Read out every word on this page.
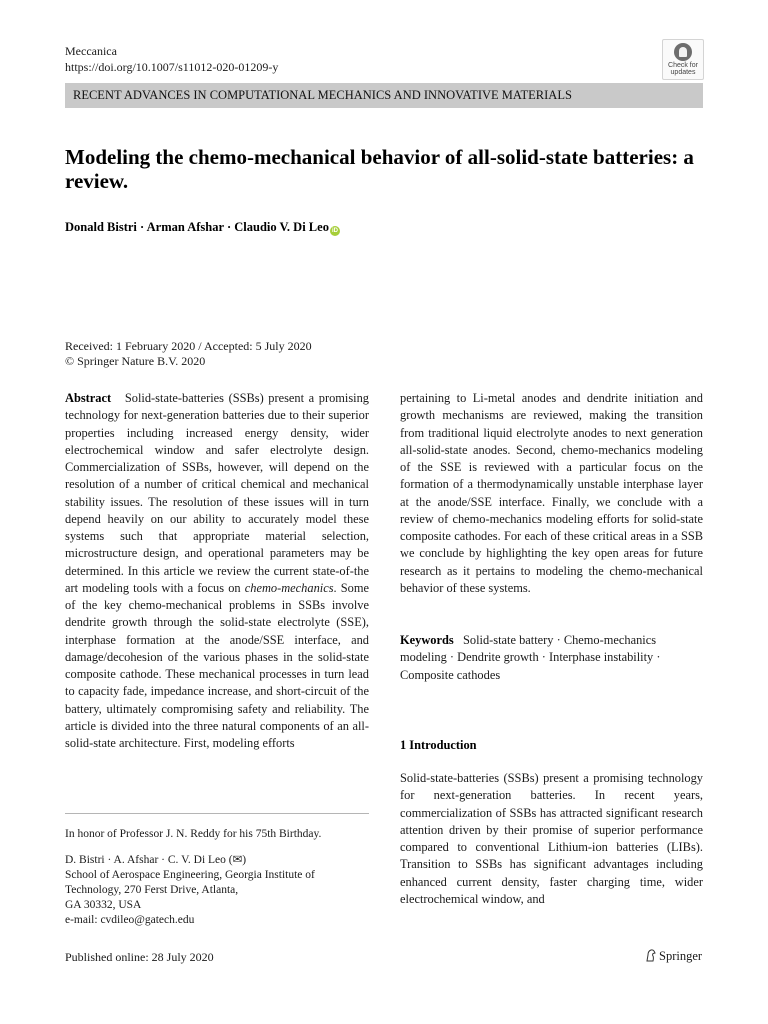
Meccanica
https://doi.org/10.1007/s11012-020-01209-y	Check for updates
RECENT ADVANCES IN COMPUTATIONAL MECHANICS AND INNOVATIVE MATERIALS
Modeling the chemo-mechanical behavior of all-solid-state batteries: a review.
Donald Bistri · Arman Afshar · Claudio V. Di Leo iD
Received: 1 February 2020 / Accepted: 5 July 2020
© Springer Nature B.V. 2020

Abstract Solid-state-batteries (SSBs) present a promising technology for next-generation batteries due to their superior properties including increased energy density, wider electrochemical window and safer electrolyte design. Commercialization of SSBs, however, will depend on the resolution of a number of critical chemical and mechanical stability issues. The resolution of these issues will in turn depend heavily on our ability to accurately model these systems such that appropriate material selection, microstructure design, and operational parameters may be determined. In this article we review the current state-of-the art modeling tools with a focus on chemo-mechanics. Some of the key chemo-mechanical problems in SSBs involve dendrite growth through the solid-state electrolyte (SSE), interphase formation at the anode/SSE interface, and damage/decohesion of the various phases in the solid-state composite cathode. These mechanical processes in turn lead to capacity fade, impedance increase, and short-circuit of the battery, ultimately compromising safety and reliability. The article is divided into the three natural components of an all-solid-state architecture. First, modeling efforts

pertaining to Li-metal anodes and dendrite initiation and growth mechanisms are reviewed, making the transition from traditional liquid electrolyte anodes to next generation all-solid-state anodes. Second, chemo-mechanics modeling of the SSE is reviewed with a particular focus on the formation of a thermodynamically unstable interphase layer at the anode/SSE interface. Finally, we conclude with a review of chemo-mechanics modeling efforts for solid-state composite cathodes. For each of these critical areas in a SSB we conclude by highlighting the key open areas for future research as it pertains to modeling the chemo-mechanical behavior of these systems.

Keywords Solid-state battery · Chemo-mechanics modeling · Dendrite growth · Interphase instability · Composite cathodes
1 Introduction

Solid-state-batteries (SSBs) present a promising technology for next-generation batteries. In recent years, commercialization of SSBs has attracted significant research attention driven by their promise of superior performance compared to conventional Lithium-ion batteries (LIBs). Transition to SSBs has significant advantages including enhanced current density, faster charging time, wider electrochemical window, and

In honor of Professor J. N. Reddy for his 75th Birthday.
D. Bistri · A. Afshar · C. V. Di Leo (✉)
School of Aerospace Engineering, Georgia Institute of
Technology, 270 Ferst Drive, Atlanta,
GA 30332, USA
e-mail: cvdileo@gatech.edu
Published online: 28 July 2020	Springer
